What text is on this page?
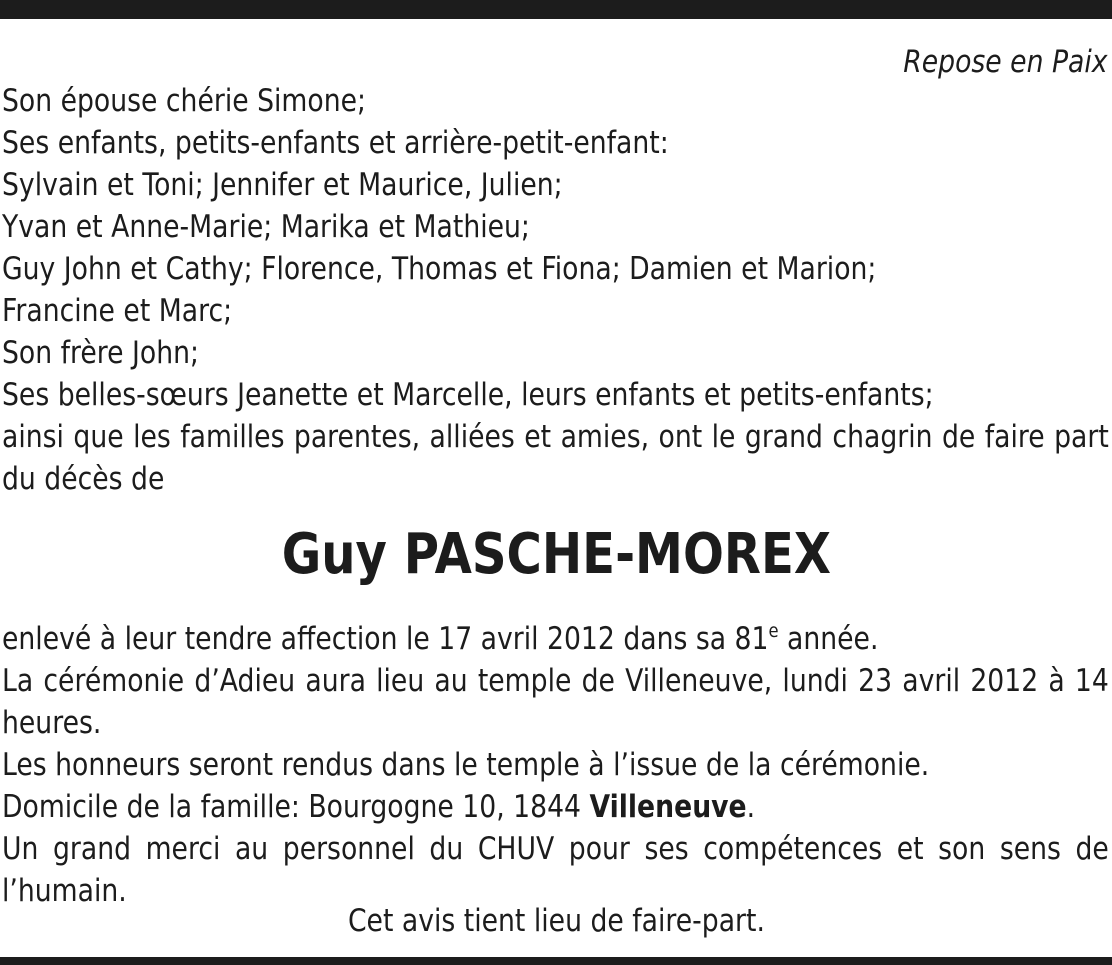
Repose en Paix

Son épouse chérie Simone;

Ses enfants, petits-enfants et arrière-petit-enfant:

Sylvain et Toni; Jennifer et Maurice, Julien;

Yvan et Anne-Marie; Marika et Mathieu;

Guy John et Cathy; Florence, Thomas et Fiona; Damien et Marion;

Francine et Marc;

Son frère John;

Ses belles-sœurs Jeanette et Marcelle, leurs enfants et petits-enfants;

ainsi que les familles parentes, alliées et amies, ont le grand chagrin de faire part du décès de

Guy PASCHE-MOREX

enlevé à leur tendre affection le 17 avril 2012 dans sa 81e année.

La cérémonie d’Adieu aura lieu au temple de Villeneuve, lundi 23 avril 2012 à 14 heures.

Les honneurs seront rendus dans le temple à l’issue de la cérémonie.

Domicile de la famille: Bourgogne 10, 1844 Villeneuve.

Un grand merci au personnel du CHUV pour ses compétences et son sens de l’humain.

Cet avis tient lieu de faire-part.
